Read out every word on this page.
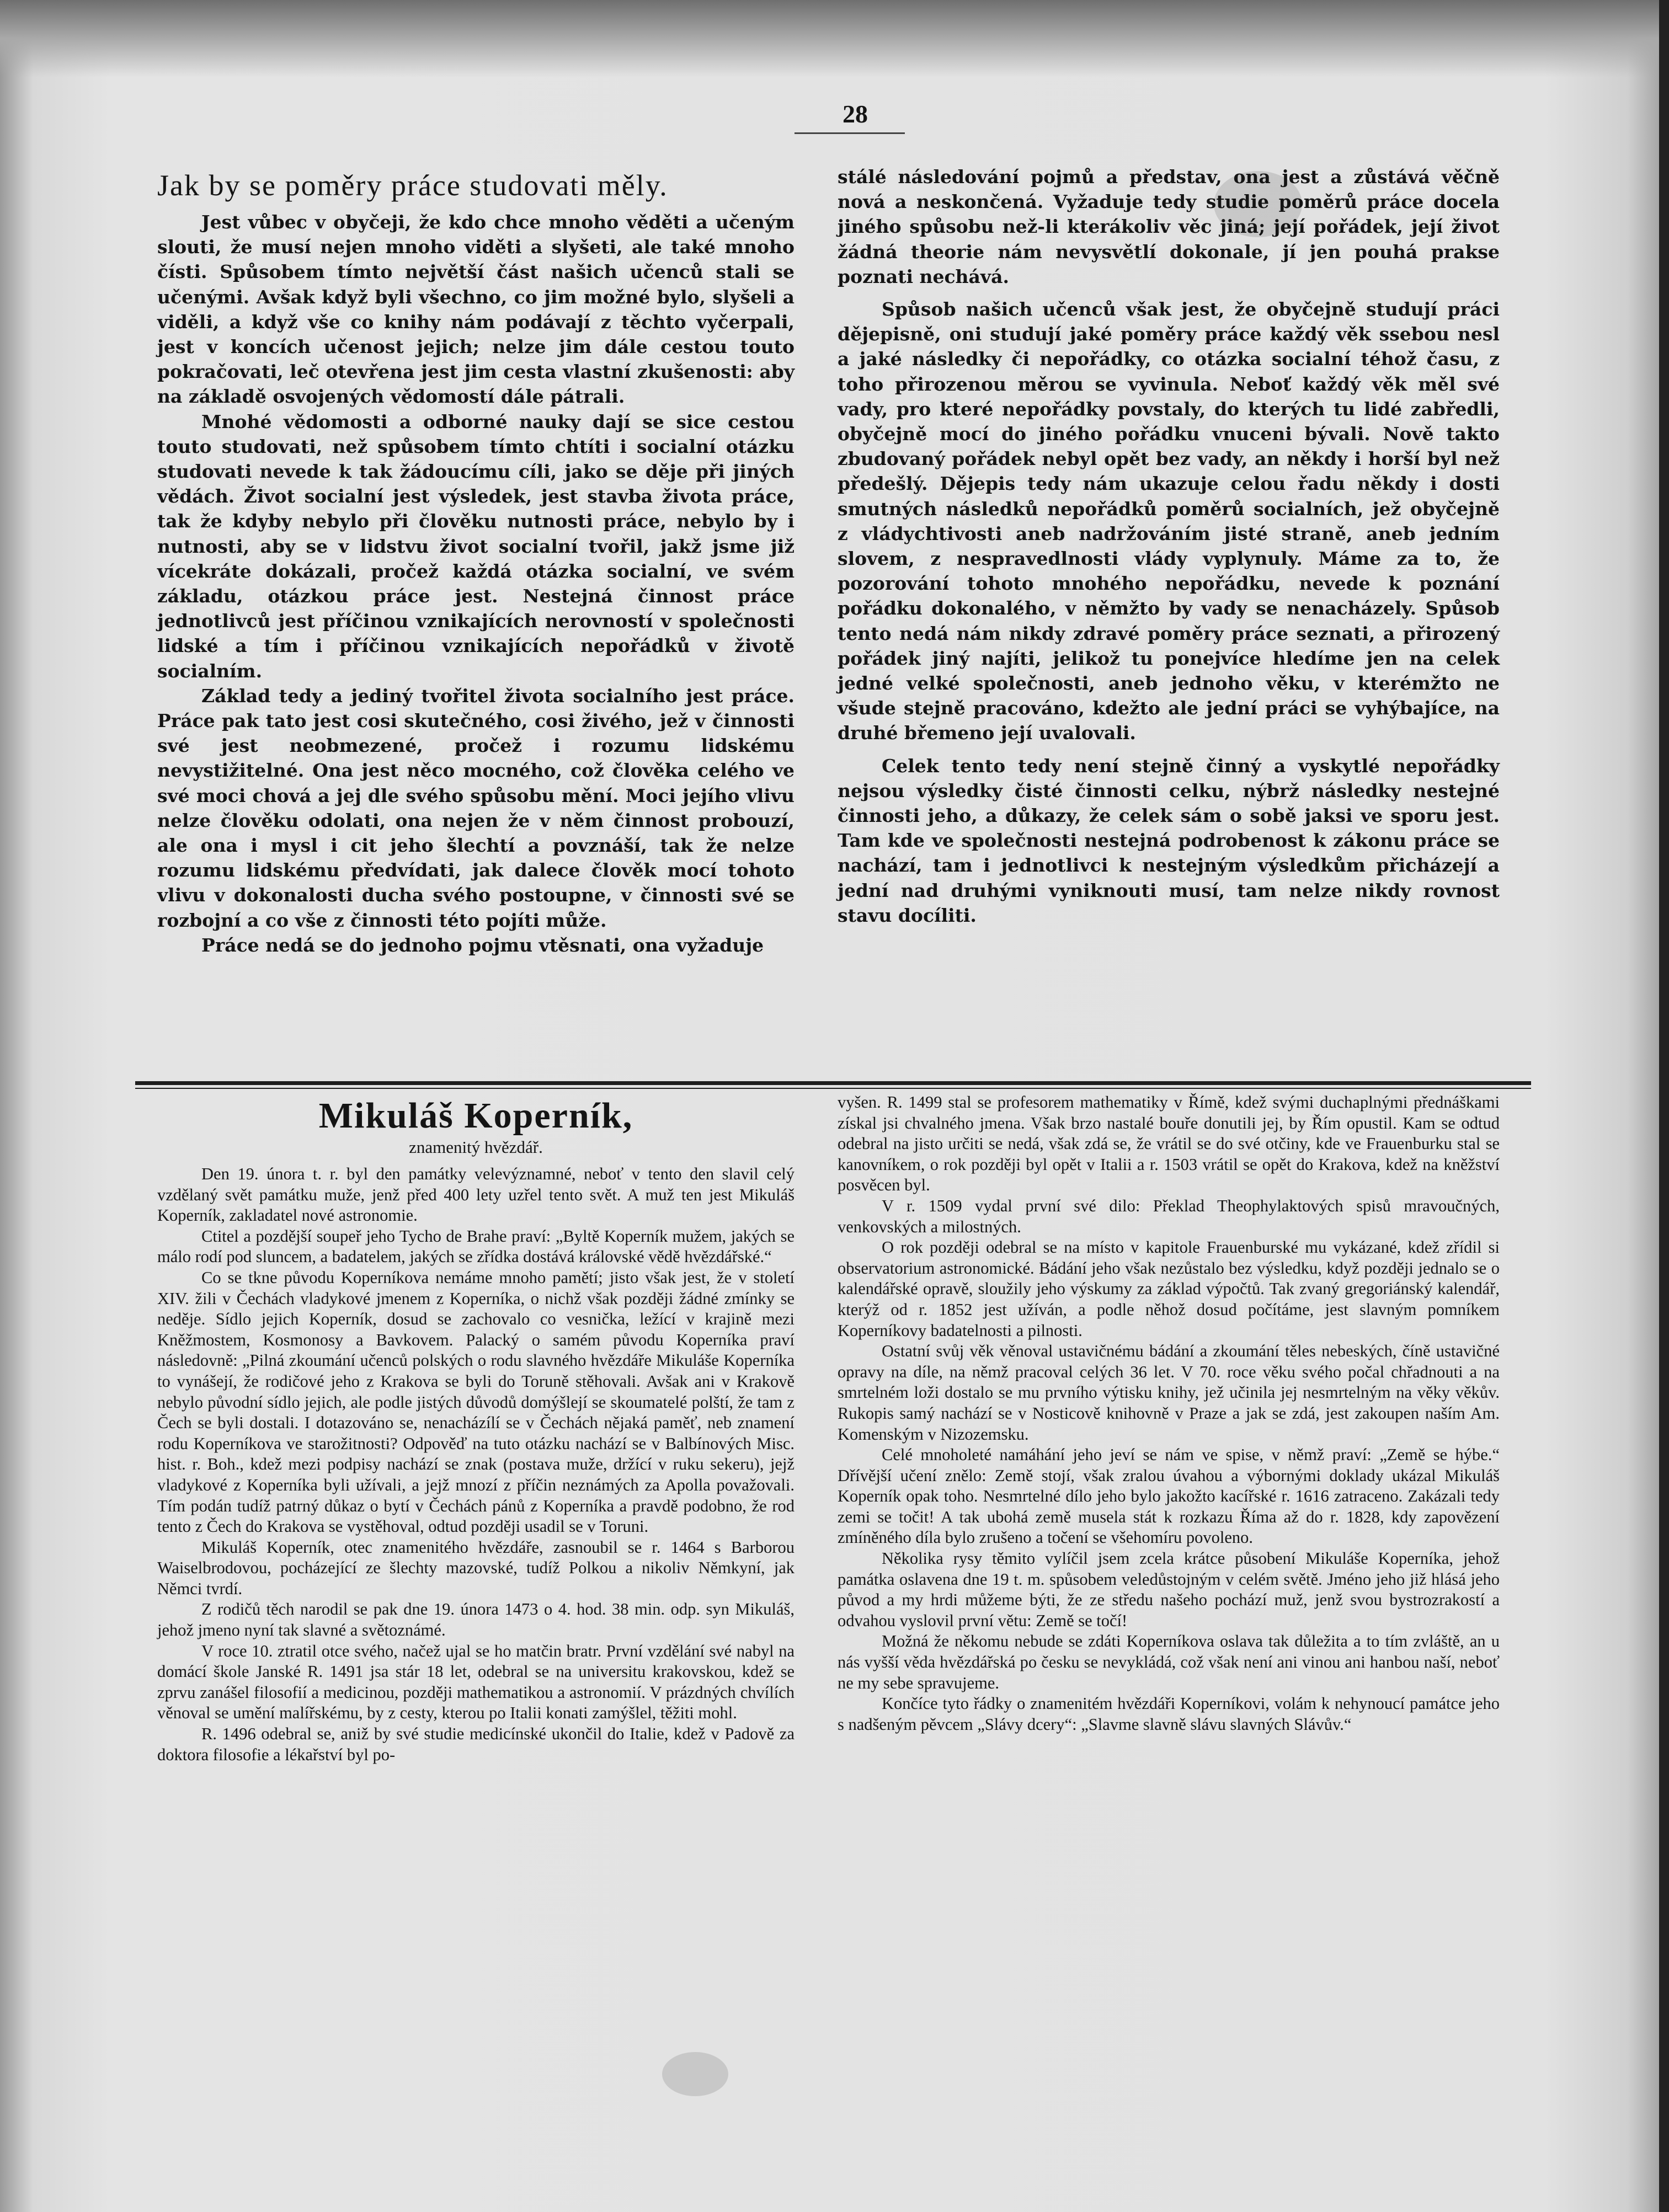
28
Jak by se poměry práce studovati měly.

Jest vůbec v obyčeji, že kdo chce mnoho věděti a učeným slouti, že musí nejen mnoho viděti a slyšeti, ale také mnoho čísti. Spůsobem tímto největší část našich učenců stali se učenými. Avšak když byli všechno, co jim možné bylo, slyšeli a viděli, a když vše co knihy nám podávají z těchto vyčerpali, jest v koncích učenost jejich; nelze jim dále cestou touto pokračovati, leč otevřena jest jim cesta vlastní zkušenosti: aby na základě osvojených vědomostí dále pátrali.

Mnohé vědomosti a odborné nauky dají se sice cestou touto studovati, než spůsobem tímto chtíti i socialní otázku studovati nevede k tak žádoucímu cíli, jako se děje při jiných vědách. Život socialní jest výsledek, jest stavba života práce, tak že kdyby nebylo při člověku nutnosti práce, nebylo by i nutnosti, aby se v lidstvu život socialní tvořil, jakž jsme již vícekráte dokázali, pročež každá otázka socialní, ve svém základu, otázkou práce jest. Nestejná činnost práce jednotlivců jest příčinou vznikajících nerovností v společnosti lidské a tím i příčinou vznikajících nepořádků v životě socialním.

Základ tedy a jediný tvořitel života socialního jest práce. Práce pak tato jest cosi skutečného, cosi živého, jež v činnosti své jest neobmezené, pročež i rozumu lidskému nevystižitelné. Ona jest něco mocného, což člověka celého ve své moci chová a jej dle svého spůsobu mění. Moci jejího vlivu nelze člověku odolati, ona nejen že v něm činnost probouzí, ale ona i mysl i cit jeho šlechtí a povznáší, tak že nelze rozumu lidskému předvídati, jak dalece člověk mocí tohoto vlivu v dokonalosti ducha svého postoupne, v činnosti své se rozbojní a co vše z činnosti této pojíti může.

Práce nedá se do jednoho pojmu vtěsnati, ona vyžaduje

stálé následování pojmů a představ, ona jest a zůstává věčně nová a neskončená. Vyžaduje tedy studie poměrů práce docela jiného spůsobu než-li kterákoliv věc jiná; její pořádek, její život žádná theorie nám nevysvětlí dokonale, jí jen pouhá prakse poznati nechává.

Spůsob našich učenců však jest, že obyčejně studují práci dějepisně, oni studují jaké poměry práce každý věk ssebou nesl a jaké následky či nepořádky, co otázka socialní téhož času, z toho přirozenou měrou se vyvinula. Neboť každý věk měl své vady, pro které nepořádky povstaly, do kterých tu lidé zabředli, obyčejně mocí do jiného pořádku vnuceni bývali. Nově takto zbudovaný pořádek nebyl opět bez vady, an někdy i horší byl než předešlý. Dějepis tedy nám ukazuje celou řadu někdy i dosti smutných následků nepořádků poměrů socialních, jež obyčejně z vládychtivosti aneb nadržováním jisté straně, aneb jedním slovem, z nespravedlnosti vlády vyplynuly. Máme za to, že pozorování tohoto mnohého nepořádku, nevede k poznání pořádku dokonalého, v němžto by vady se nenacházely. Spůsob tento nedá nám nikdy zdravé poměry práce seznati, a přirozený pořádek jiný najíti, jelikož tu ponejvíce hledíme jen na celek jedné velké společnosti, aneb jednoho věku, v kterémžto ne všude stejně pracováno, kdežto ale jední práci se vyhýbajíce, na druhé břemeno její uvalovali.

Celek tento tedy není stejně činný a vyskytlé nepořádky nejsou výsledky čisté činnosti celku, nýbrž následky nestejné činnosti jeho, a důkazy, že celek sám o sobě jaksi ve sporu jest. Tam kde ve společnosti nestejná podrobenost k zákonu práce se nachází, tam i jednotlivci k nestejným výsledkům přicházejí a jední nad druhými vyniknouti musí, tam nelze nikdy rovnost stavu docíliti.

Mikuláš Koperník,
znamenitý hvězdář.

Den 19. února t. r. byl den památky velevýznamné, neboť v tento den slavil celý vzdělaný svět památku muže, jenž před 400 lety uzřel tento svět. A muž ten jest Mikuláš Koperník, zakladatel nové astronomie.

Ctitel a pozdější soupeř jeho Tycho de Brahe praví: „Byltě Koperník mužem, jakých se málo rodí pod sluncem, a badatelem, jakých se zřídka dostává královské vědě hvězdářské.“

Co se tkne původu Koperníkova nemáme mnoho pamětí; jisto však jest, že v století XIV. žili v Čechách vladykové jmenem z Koperníka, o nichž však později žádné zmínky se neděje. Sídlo jejich Koperník, dosud se zachovalo co vesnička, ležící v krajině mezi Kněžmostem, Kosmonosy a Bavkovem. Palacký o samém původu Koperníka praví následovně: „Pilná zkoumání učenců polských o rodu slavného hvězdáře Mikuláše Koperníka to vynášejí, že rodičové jeho z Krakova se byli do Toruně stěhovali. Avšak ani v Krakově nebylo původní sídlo jejich, ale podle jistých důvodů domýšlejí se skoumatelé polští, že tam z Čech se byli dostali. I dotazováno se, nenacházílí se v Čechách nějaká paměť, neb znamení rodu Koperníkova ve starožitnosti? Odpověď na tuto otázku nachází se v Balbínových Misc. hist. r. Boh., kdež mezi podpisy nachází se znak (postava muže, držící v ruku sekeru), jejž vladykové z Koperníka byli užívali, a jejž mnozí z příčin neznámých za Apolla považovali. Tím podán tudíž patrný důkaz o bytí v Čechách pánů z Koperníka a pravdě podobno, že rod tento z Čech do Krakova se vystěhoval, odtud později usadil se v Toruni.

Mikuláš Koperník, otec znamenitého hvězdáře, zasnoubil se r. 1464 s Barborou Waiselbrodovou, pocházející ze šlechty mazovské, tudíž Polkou a nikoliv Němkyní, jak Němci tvrdí.

Z rodičů těch narodil se pak dne 19. února 1473 o 4. hod. 38 min. odp. syn Mikuláš, jehož jmeno nyní tak slavné a světoznámé.

V roce 10. ztratil otce svého, načež ujal se ho matčin bratr. První vzdělání své nabyl na domácí škole Janské R. 1491 jsa stár 18 let, odebral se na universitu krakovskou, kdež se zprvu zanášel filosofií a medicinou, později mathematikou a astronomií. V prázdných chvílích věnoval se umění malířskému, by z cesty, kterou po Italii konati zamýšlel, těžiti mohl.

R. 1496 odebral se, aniž by své studie medicínské ukončil do Italie, kdež v Padově za doktora filosofie a lékařství byl po-

vyšen. R. 1499 stal se profesorem mathematiky v Římě, kdež svými duchaplnými přednáškami získal jsi chvalného jmena. Však brzo nastalé bouře donutili jej, by Řím opustil. Kam se odtud odebral na jisto určiti se nedá, však zdá se, že vrátil se do své otčiny, kde ve Frauenburku stal se kanovníkem, o rok později byl opět v Italii a r. 1503 vrátil se opět do Krakova, kdež na kněžství posvěcen byl.

V r. 1509 vydal první své dilo: Překlad Theophylaktových spisů mravoučných, venkovských a milostných.

O rok později odebral se na místo v kapitole Frauenburské mu vykázané, kdež zřídil si observatorium astronomické. Bádání jeho však nezůstalo bez výsledku, když později jednalo se o kalendářské opravě, sloužily jeho výskumy za základ výpočtů. Tak zvaný gregoriánský kalendář, kterýž od r. 1852 jest užíván, a podle něhož dosud počítáme, jest slavným pomníkem Koperníkovy badatelnosti a pilnosti.

Ostatní svůj věk věnoval ustavičnému bádání a zkoumání těles nebeských, číně ustavičné opravy na díle, na němž pracoval celých 36 let. V 70. roce věku svého počal chřadnouti a na smrtelném loži dostalo se mu prvního výtisku knihy, jež učinila jej nesmrtelným na věky věkův. Rukopis samý nachází se v Nosticově knihovně v Praze a jak se zdá, jest zakoupen naším Am. Komenským v Nizozemsku.

Celé mnoholeté namáhání jeho jeví se nám ve spise, v němž praví: „Země se hýbe.“ Dřívější učení znělo: Země stojí, však zralou úvahou a výbornými doklady ukázal Mikuláš Koperník opak toho. Nesmrtelné dílo jeho bylo jakožto kacířské r. 1616 zatraceno. Zakázali tedy zemi se točit! A tak ubohá země musela stát k rozkazu Říma až do r. 1828, kdy zapovězení zmíněného díla bylo zrušeno a točení se všehomíru povoleno.

Několika rysy těmito vylíčil jsem zcela krátce působení Mikuláše Koperníka, jehož památka oslavena dne 19 t. m. spůsobem veledůstojným v celém světě. Jméno jeho již hlásá jeho původ a my hrdi můžeme býti, že ze středu našeho pochází muž, jenž svou bystrozrakostí a odvahou vyslovil první větu: Země se točí!

Možná že někomu nebude se zdáti Koperníkova oslava tak důležita a to tím zvláště, an u nás vyšší věda hvězdářská po česku se nevykládá, což však není ani vinou ani hanbou naší, neboť ne my sebe spravujeme.

Končíce tyto řádky o znamenitém hvězdáři Koperníkovi, volám k nehynoucí památce jeho s nadšeným pěvcem „Slávy dcery“: „Slavme slavně slávu slavných Slávův.“
